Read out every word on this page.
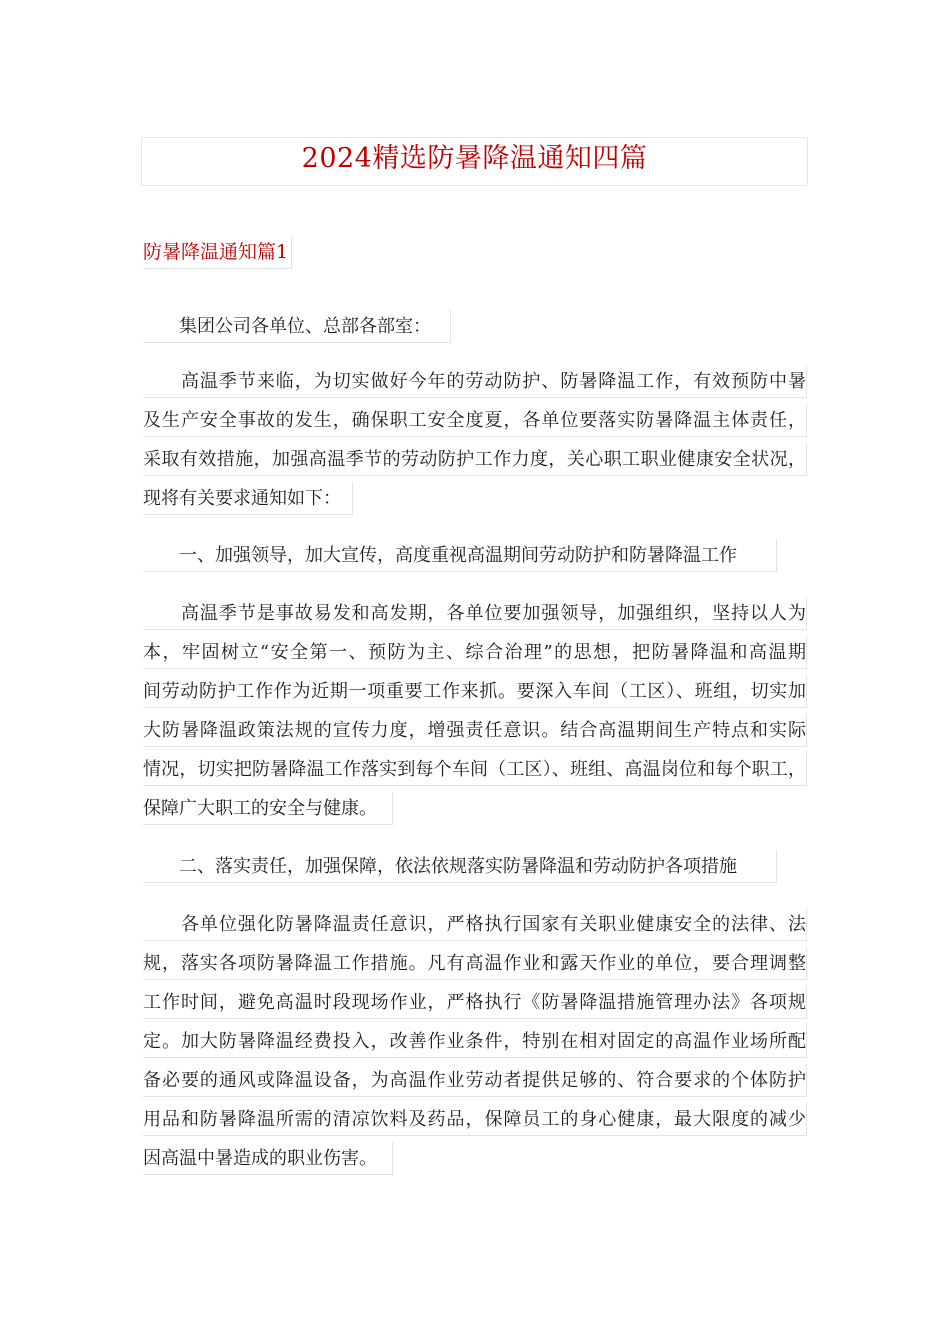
2024精选防暑降温通知四篇
防暑降温通知篇1
　　集团公司各单位、总部各部室：
　　高温季节来临，为切实做好今年的劳动防护、防暑降温工作，有效预防中暑
及生产安全事故的发生，确保职工安全度夏，各单位要落实防暑降温主体责任，
采取有效措施，加强高温季节的劳动防护工作力度，关心职工职业健康安全状况，
现将有关要求通知如下：
　　一、加强领导，加大宣传，高度重视高温期间劳动防护和防暑降温工作
　　高温季节是事故易发和高发期，各单位要加强领导，加强组织，坚持以人为
本，牢固树立“安全第一、预防为主、综合治理”的思想，把防暑降温和高温期
间劳动防护工作作为近期一项重要工作来抓。要深入车间（工区）、班组，切实加
大防暑降温政策法规的宣传力度，增强责任意识。结合高温期间生产特点和实际
情况，切实把防暑降温工作落实到每个车间（工区）、班组、高温岗位和每个职工，
保障广大职工的安全与健康。
　　二、落实责任，加强保障，依法依规落实防暑降温和劳动防护各项措施
　　各单位强化防暑降温责任意识，严格执行国家有关职业健康安全的法律、法
规，落实各项防暑降温工作措施。凡有高温作业和露天作业的单位，要合理调整
工作时间，避免高温时段现场作业，严格执行《防暑降温措施管理办法》各项规
定。加大防暑降温经费投入，改善作业条件，特别在相对固定的高温作业场所配
备必要的通风或降温设备，为高温作业劳动者提供足够的、符合要求的个体防护
用品和防暑降温所需的清凉饮料及药品，保障员工的身心健康，最大限度的减少
因高温中暑造成的职业伤害。
